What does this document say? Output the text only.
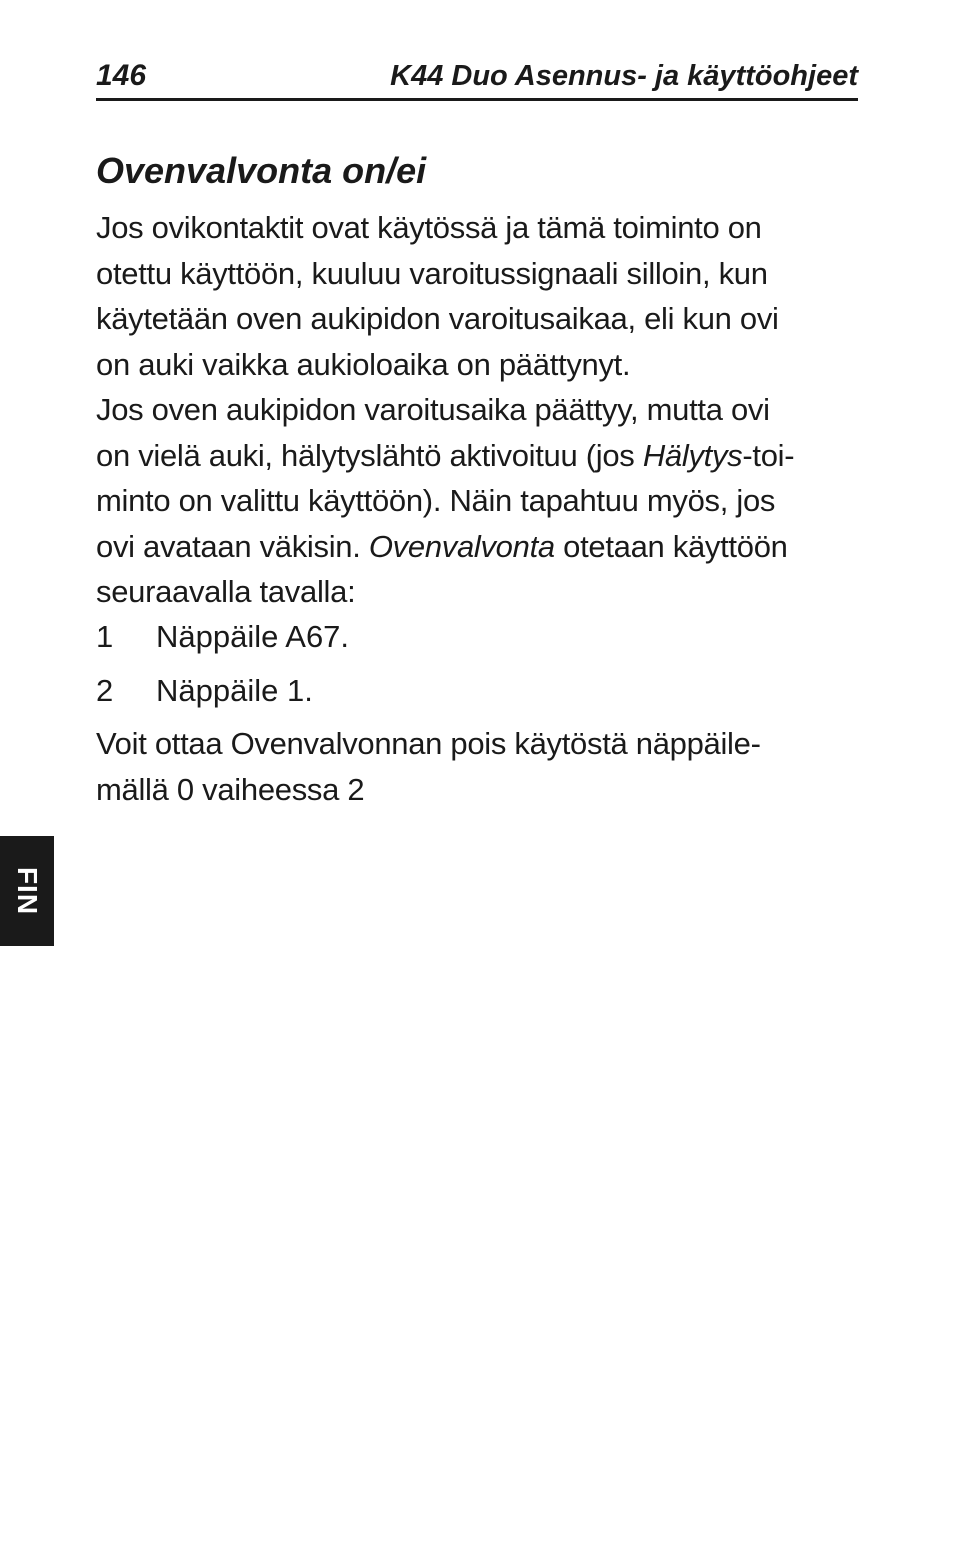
146	K44 Duo Asennus- ja käyttöohjeet
Ovenvalvonta on/ei
Jos ovikontaktit ovat käytössä ja tämä toiminto on
otettu käyttöön, kuuluu varoitussignaali silloin, kun
käytetään oven aukipidon varoitusaikaa, eli kun ovi
on auki vaikka aukioloaika on päättynyt.
Jos oven aukipidon varoitusaika päättyy, mutta ovi
on vielä auki, hälytyslähtö aktivoituu (jos Hälytys-toi-
minto on valittu käyttöön). Näin tapahtuu myös, jos
ovi avataan väkisin. Ovenvalvonta otetaan käyttöön
seuraavalla tavalla:
1 Näppäile A67.
2 Näppäile 1.
Voit ottaa Ovenvalvonnan pois käytöstä näppäile-
mällä 0 vaiheessa 2
FIN
